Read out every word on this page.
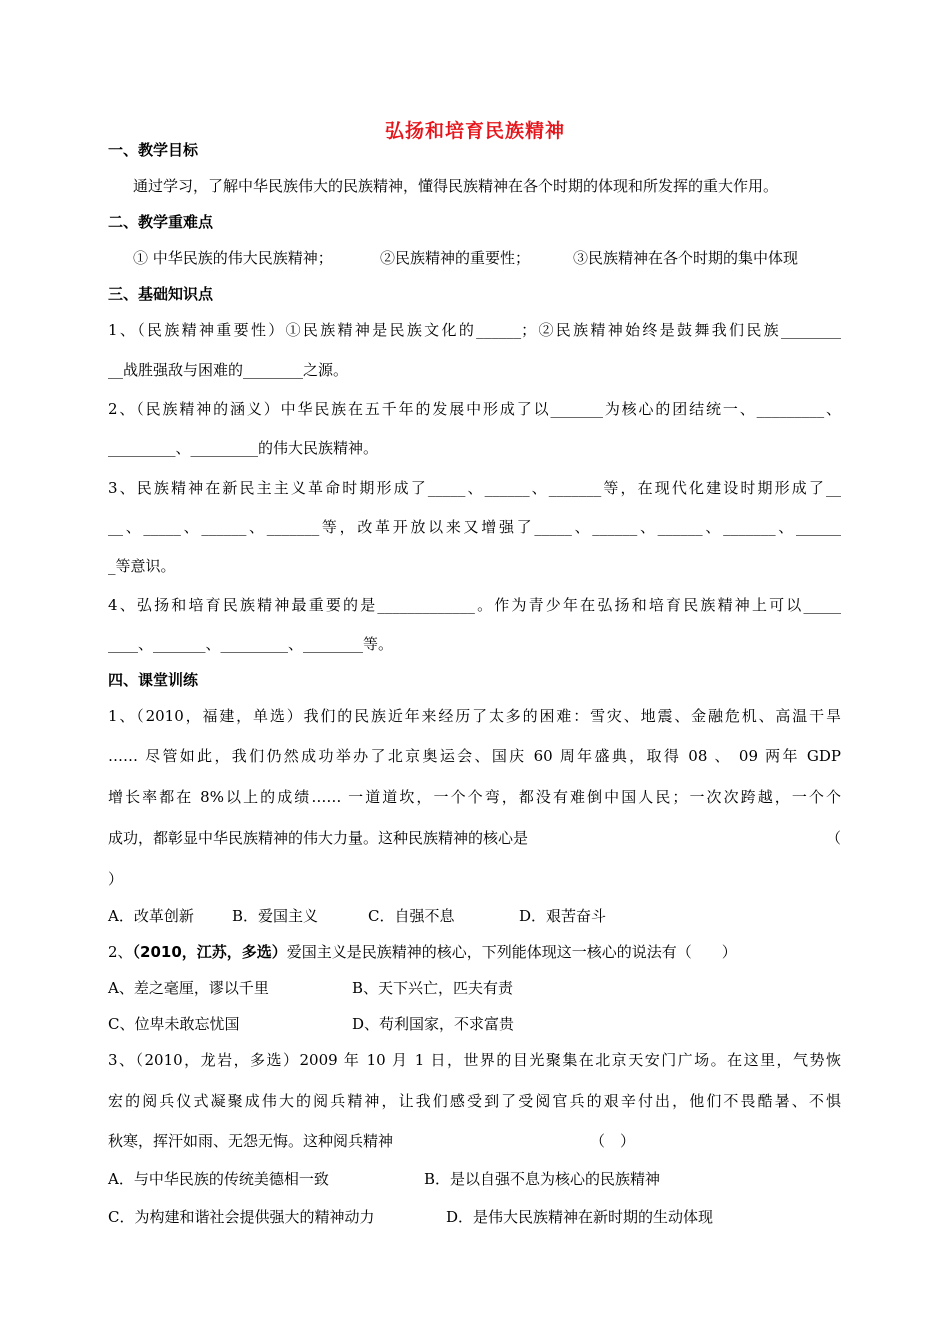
弘扬和培育民族精神
一、教学目标
通过学习，了解中华民族伟大的民族精神，懂得民族精神在各个时期的体现和所发挥的重大作用。
二、教学重难点
① 中华民族的伟大民族精神；	②民族精神的重要性；	③民族精神在各个时期的集中体现
三、基础知识点
1、（民族精神重要性）①民族精神是民族文化的______；②民族精神始终是鼓舞我们民族________
__战胜强敌与困难的________之源。
2、（民族精神的涵义）中华民族在五千年的发展中形成了以_______为核心的团结统一、_________、
_________、_________的伟大民族精神。
3、民族精神在新民主主义革命时期形成了_____、______、_______等，在现代化建设时期形成了__
__、_____、______、_______等，改革开放以来又增强了_____、______、______、_______、______
_等意识。
4、弘扬和培育民族精神最重要的是_____________。作为青少年在弘扬和培育民族精神上可以_____
____、_______、_________、________等。
四、课堂训练
1、（2010，福建，单选）我们的民族近年来经历了太多的困难：雪灾、地震、金融危机、高温干旱
…… 尽管如此，我们仍然成功举办了北京奥运会、国庆 60 周年盛典，取得 08 、 09 两年 GDP
增长率都在 8%以上的成绩…… 一道道坎，一个个弯，都没有难倒中国人民；一次次跨越，一个个
成功，都彰显中华民族精神的伟大力量。这种民族精神的核心是	（
）
A．改革创新	B．爱国主义	C．自强不息	D．艰苦奋斗
2、（2010，江苏，多选）爱国主义是民族精神的核心，下列能体现这一核心的说法有（　　）
A、差之毫厘，谬以千里	B、天下兴亡，匹夫有责
C、位卑未敢忘忧国	D、苟利国家，不求富贵
3、（2010，龙岩，多选）2009 年 10 月 1 日，世界的目光聚集在北京天安门广场。在这里，气势恢
宏的阅兵仪式凝聚成伟大的阅兵精神，让我们感受到了受阅官兵的艰辛付出，他们不畏酷暑、不惧
秋寒，挥汗如雨、无怨无悔。这种阅兵精神	（　）
A．与中华民族的传统美德相一致	B．是以自强不息为核心的民族精神
C．为构建和谐社会提供强大的精神动力	D．是伟大民族精神在新时期的生动体现
